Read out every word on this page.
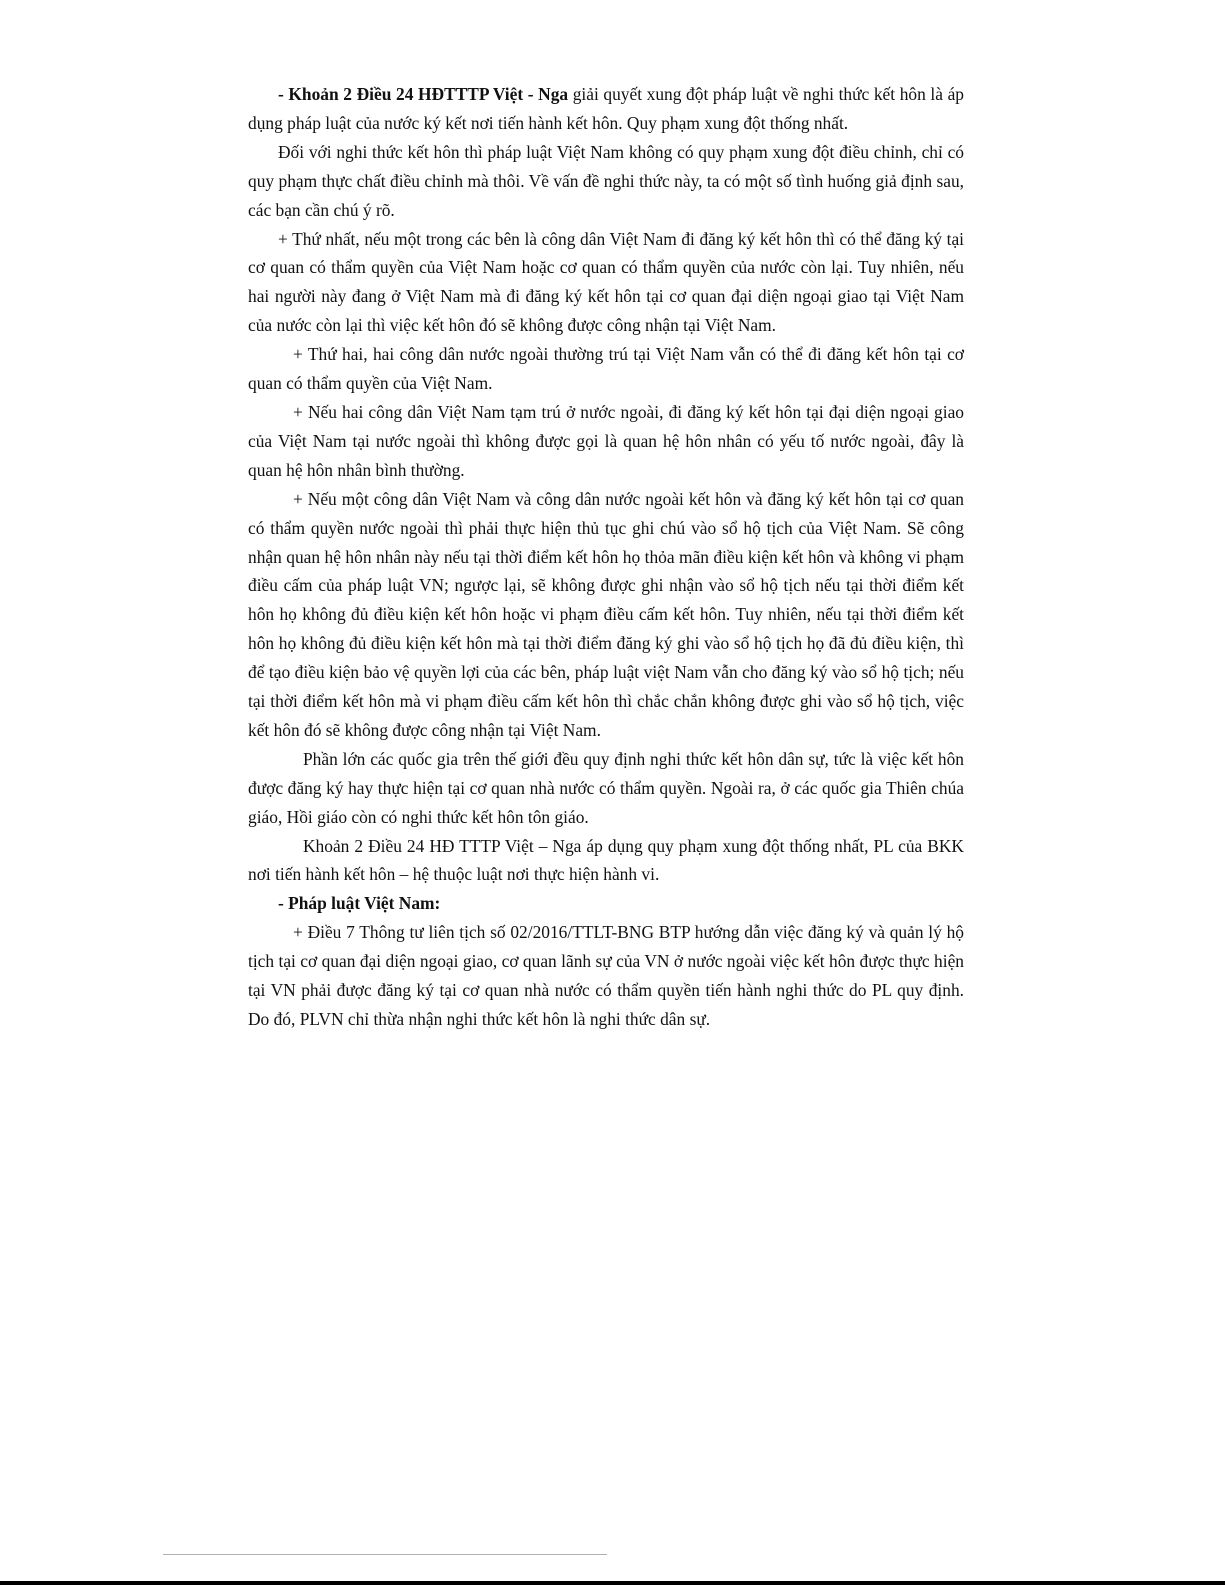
- Khoản 2 Điều 24 HĐTTTP Việt - Nga giải quyết xung đột pháp luật về nghi thức kết hôn là áp dụng pháp luật của nước ký kết nơi tiến hành kết hôn. Quy phạm xung đột thống nhất.

Đối với nghi thức kết hôn thì pháp luật Việt Nam không có quy phạm xung đột điều chỉnh, chỉ có quy phạm thực chất điều chỉnh mà thôi. Về vấn đề nghi thức này, ta có một số tình huống giả định sau, các bạn cần chú ý rõ.

+ Thứ nhất, nếu một trong các bên là công dân Việt Nam đi đăng ký kết hôn thì có thể đăng ký tại cơ quan có thẩm quyền của Việt Nam hoặc cơ quan có thẩm quyền của nước còn lại. Tuy nhiên, nếu hai người này đang ở Việt Nam mà đi đăng ký kết hôn tại cơ quan đại diện ngoại giao tại Việt Nam của nước còn lại thì việc kết hôn đó sẽ không được công nhận tại Việt Nam.

+ Thứ hai, hai công dân nước ngoài thường trú tại Việt Nam vẫn có thể đi đăng kết hôn tại cơ quan có thẩm quyền của Việt Nam.

+ Nếu hai công dân Việt Nam tạm trú ở nước ngoài, đi đăng ký kết hôn tại đại diện ngoại giao của Việt Nam tại nước ngoài thì không được gọi là quan hệ hôn nhân có yếu tố nước ngoài, đây là quan hệ hôn nhân bình thường.

+ Nếu một công dân Việt Nam và công dân nước ngoài kết hôn và đăng ký kết hôn tại cơ quan có thẩm quyền nước ngoài thì phải thực hiện thủ tục ghi chú vào sổ hộ tịch của Việt Nam. Sẽ công nhận quan hệ hôn nhân này nếu tại thời điểm kết hôn họ thỏa mãn điều kiện kết hôn và không vi phạm điều cấm của pháp luật VN; ngược lại, sẽ không được ghi nhận vào sổ hộ tịch nếu tại thời điểm kết hôn họ không đủ điều kiện kết hôn hoặc vi phạm điều cấm kết hôn. Tuy nhiên, nếu tại thời điểm kết hôn họ không đủ điều kiện kết hôn mà tại thời điểm đăng ký ghi vào sổ hộ tịch họ đã đủ điều kiện, thì để tạo điều kiện bảo vệ quyền lợi của các bên, pháp luật việt Nam vẫn cho đăng ký vào sổ hộ tịch; nếu tại thời điểm kết hôn mà vi phạm điều cấm kết hôn thì chắc chắn không được ghi vào sổ hộ tịch, việc kết hôn đó sẽ không được công nhận tại Việt Nam.

Phần lớn các quốc gia trên thế giới đều quy định nghi thức kết hôn dân sự, tức là việc kết hôn được đăng ký hay thực hiện tại cơ quan nhà nước có thẩm quyền. Ngoài ra, ở các quốc gia Thiên chúa giáo, Hồi giáo còn có nghi thức kết hôn tôn giáo.

Khoản 2 Điều 24 HĐ TTTP Việt – Nga áp dụng quy phạm xung đột thống nhất, PL của BKK nơi tiến hành kết hôn – hệ thuộc luật nơi thực hiện hành vi.

- Pháp luật Việt Nam:

+ Điều 7 Thông tư liên tịch số 02/2016/TTLT-BNG BTP hướng dẫn việc đăng ký và quản lý hộ tịch tại cơ quan đại diện ngoại giao, cơ quan lãnh sự của VN ở nước ngoài việc kết hôn được thực hiện tại VN phải được đăng ký tại cơ quan nhà nước có thẩm quyền tiến hành nghi thức do PL quy định. Do đó, PLVN chỉ thừa nhận nghi thức kết hôn là nghi thức dân sự.
